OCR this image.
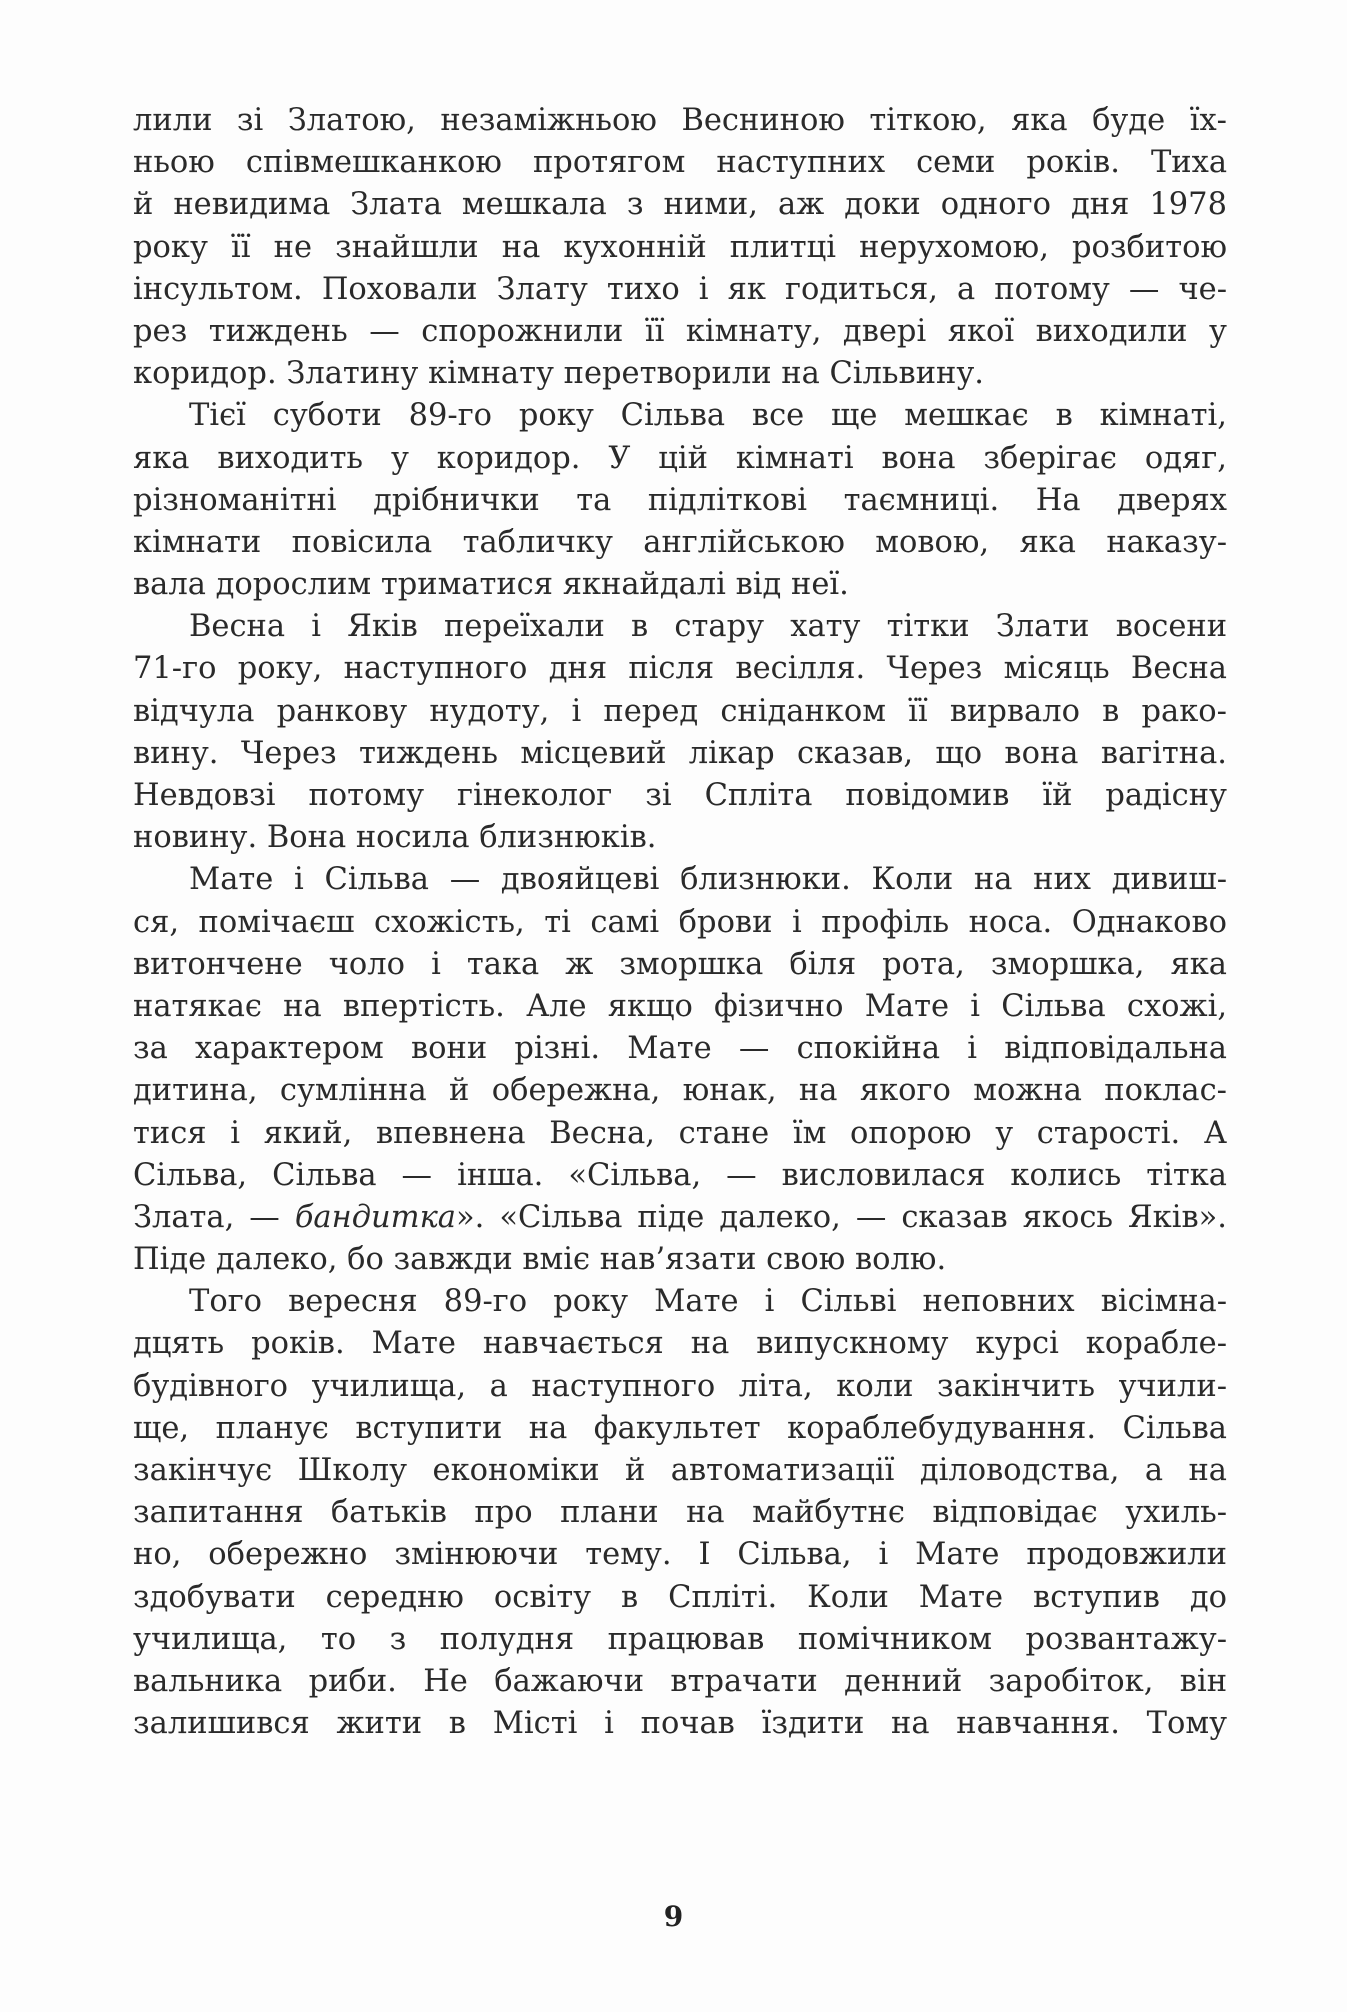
лили зі Златою, незаміжньою Весниною тіткою, яка буде їх-
ньою співмешканкою протягом наступних семи років. Тиха
й невидима Злата мешкала з ними, аж доки одного дня 1978
року її не знайшли на кухонній плитці нерухомою, розбитою
інсультом. Поховали Злату тихо і як годиться, а потому — че-
рез тиждень — спорожнили її кімнату, двері якої виходили у
коридор. Златину кімнату перетворили на Сільвину.
Тієї суботи 89-го року Сільва все ще мешкає в кімнаті,
яка виходить у коридор. У цій кімнаті вона зберігає одяг,
різноманітні дрібнички та підліткові таємниці. На дверях
кімнати повісила табличку англійською мовою, яка наказу-
вала дорослим триматися якнайдалі від неї.
Весна і Яків переїхали в стару хату тітки Злати восени
71-го року, наступного дня після весілля. Через місяць Весна
відчула ранкову нудоту, і перед сніданком її вирвало в рако-
вину. Через тиждень місцевий лікар сказав, що вона вагітна.
Невдовзі потому гінеколог зі Спліта повідомив їй радісну
новину. Вона носила близнюків.
Мате і Сільва — двояйцеві близнюки. Коли на них дивиш-
ся, помічаєш схожість, ті самі брови і профіль носа. Однаково
витончене чоло і така ж зморшка біля рота, зморшка, яка
натякає на впертість. Але якщо фізично Мате і Сільва схожі,
за характером вони різні. Мате — спокійна і відповідальна
дитина, сумлінна й обережна, юнак, на якого можна поклас-
тися і який, впевнена Весна, стане їм опорою у старості. А
Сільва, Сільва — інша. «Сільва, — висловилася колись тітка
Злата, — бандитка». «Сільва піде далеко, — сказав якось Яків».
Піде далеко, бо завжди вміє нав’язати свою волю.
Того вересня 89-го року Мате і Сільві неповних вісімна-
дцять років. Мате навчається на випускному курсі корабле-
будівного училища, а наступного літа, коли закінчить учили-
ще, планує вступити на факультет кораблебудування. Сільва
закінчує Школу економіки й автоматизації діловодства, а на
запитання батьків про плани на майбутнє відповідає ухиль-
но, обережно змінюючи тему. І Сільва, і Мате продовжили
здобувати середню освіту в Спліті. Коли Мате вступив до
училища, то з полудня працював помічником розвантажу-
вальника риби. Не бажаючи втрачати денний заробіток, він
залишився жити в Місті і почав їздити на навчання. Тому
9
